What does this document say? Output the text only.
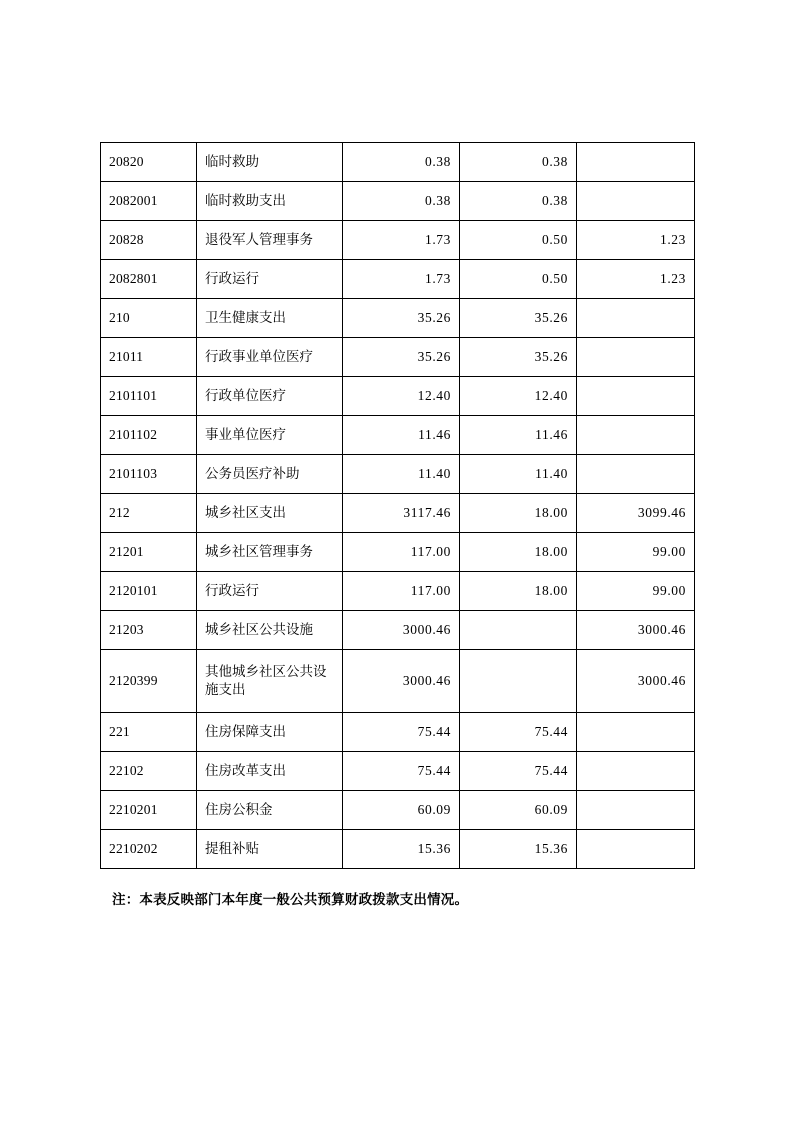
20820	临时救助	0.38	0.38	
2082001	临时救助支出	0.38	0.38	
20828	退役军人管理事务	1.73	0.50	1.23
2082801	行政运行	1.73	0.50	1.23
210	卫生健康支出	35.26	35.26	
21011	行政事业单位医疗	35.26	35.26	
2101101	行政单位医疗	12.40	12.40	
2101102	事业单位医疗	11.46	11.46	
2101103	公务员医疗补助	11.40	11.40	
212	城乡社区支出	3117.46	18.00	3099.46
21201	城乡社区管理事务	117.00	18.00	99.00
2120101	行政运行	117.00	18.00	99.00
21203	城乡社区公共设施	3000.46		3000.46
2120399	其他城乡社区公共设施支出	3000.46		3000.46
221	住房保障支出	75.44	75.44	
22102	住房改革支出	75.44	75.44	
2210201	住房公积金	60.09	60.09	
2210202	提租补贴	15.36	15.36	
注：本表反映部门本年度一般公共预算财政拨款支出情况。
